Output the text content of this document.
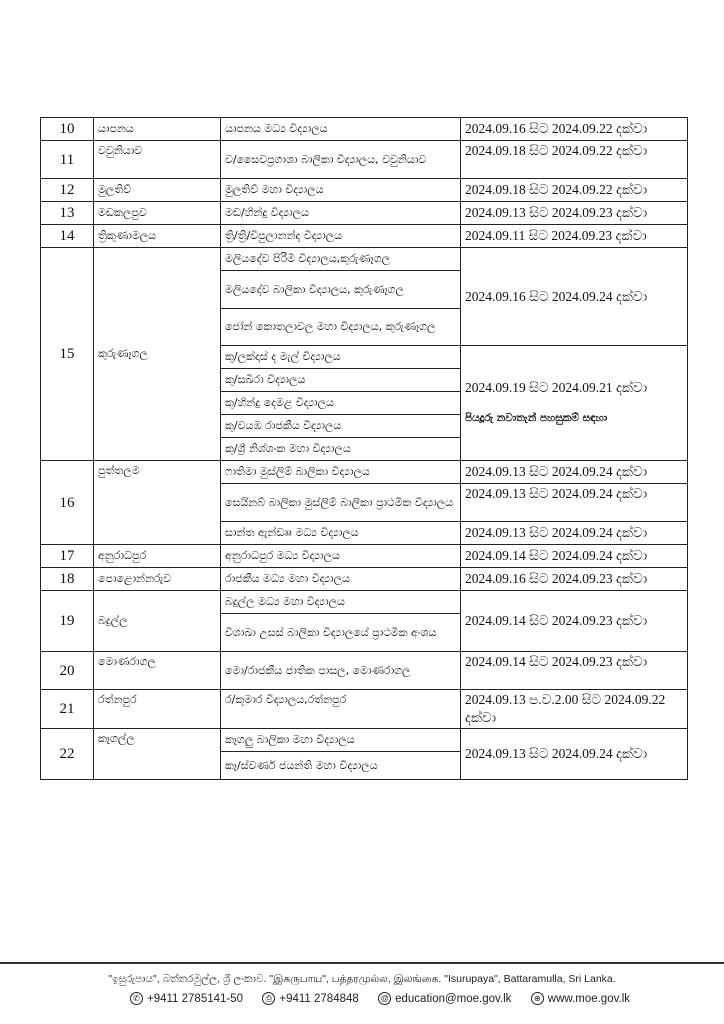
10	යාපනය	යාපනය මධ්‍ය විද්‍යාලය	2024.09.16 සිට 2024.09.22 දක්වා
11	වවුනියාව	ව/සෛවප්‍රගාශා බාලිකා විද්‍යාලය, වවුනියාව	2024.09.18 සිට 2024.09.22 දක්වා
12	මුලතිව්	මුලතිව් මහා විද්‍යාලය	2024.09.18 සිට 2024.09.22 දක්වා
13	මඩකලපුව	මඩ/හින්දු විද්‍යාලය	2024.09.13 සිට 2024.09.23 දක්වා
14	ත්‍රිකුණාමලය	ත්‍රි/ත්‍රි/විපුලානන්ද විද්‍යාලය	2024.09.11 සිට 2024.09.23 දක්වා
15	කුරුණෑගල	මලියදේව පිරිමි විද්‍යාලය,කුරුණෑගල	2024.09.16 සිට 2024.09.24 දක්වා
		මලියදේව බාලිකා විද්‍යාලය, කුරුණෑගල	
		ජෝන් කොතලාවල මහා විද්‍යාලය, කුරුණෑගල	
		කු/ලක්දාස් ද මැල් විද්‍යාලය	2024.09.19 සිට 2024.09.21 දක්වා
පියදූරු නවාතැන් පහසුකම් සඳහා

		කු/සඛිරා විද්‍යාලය	
		කු/හින්දු දෙමළ විද්‍යාලය	
		කු/වයඹ රාජකීය විද්‍යාලය	
		කු/ශ්‍රී නිශ්ශංක මහා විද්‍යාලය	
16	පුත්තලම	ෆාතිමා මුස්ලිම් බාලිකා විද්‍යාලය	2024.09.13 සිට 2024.09.24 දක්වා
		සෙයිනබ් බාලිකා මුස්ලිම් බාලිකා ප්‍රාථමික විද්‍යාලය	2024.09.13 සිට 2024.09.24 දක්වා
		සාන්ත ඇන්ඩ්‍රූ මධ්‍ය විද්‍යාලය	2024.09.13 සිට 2024.09.24 දක්වා
17	අනුරාධපුර	අනුරාධපුර මධ්‍ය විද්‍යාලය	2024.09.14 සිට 2024.09.24 දක්වා
18	පොළොන්නරුව	රාජකීය මධ්‍ය මහා විද්‍යාලය	2024.09.16 සිට 2024.09.23 දක්වා
19	බදුල්ල	බදුල්ල මධ්‍ය මහා විද්‍යාලය	2024.09.14 සිට 2024.09.23 දක්වා
		විශාඛා උසස් බාලිකා විද්‍යාලයේ ප්‍රාථමික අංශය	
20	මොණරාගල	මො/රාජකීය ජාතික පාසල, මොණරාගල	2024.09.14 සිට 2024.09.23 දක්වා
21	රත්නපුර	ර/කුමාර විද්‍යාලය,රත්නපුර	2024.09.13 ප.ව.2.00 සිට 2024.09.22 දක්වා
22	කෑගල්ල	කෑගලු බාලිකා මහා විද්‍යාලය	2024.09.13 සිට 2024.09.24 දක්වා
		කෑ/ස්වර්ණ ජයන්ති මහා විද්‍යාලය	
"ඉසුරුපාය", බත්තරමුල්ල, ශ්‍රී ලංකාව. "இசுருபாய", பத்தரமுல்ல, இலங்கை. "Isurupaya", Battaramulla, Sri Lanka.
✆ +9411 2785141-50	⎙ +9411 2784848	@ education@moe.gov.lk	⊕ www.moe.gov.lk
